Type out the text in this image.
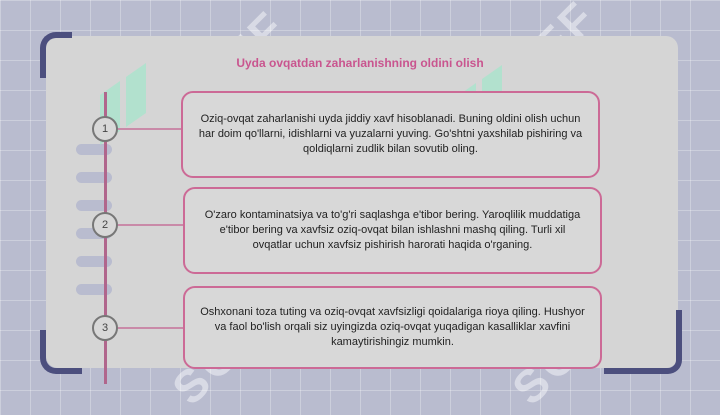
Uyda ovqatdan zaharlanishning oldini olish
1
Oziq-ovqat zaharlanishi uyda jiddiy xavf hisoblanadi. Buning oldini olish uchun har doim qo'llarni, idishlarni va yuzalarni yuving. Go'shtni yaxshilab pishiring va qoldiqlarni zudlik bilan sovutib oling.
2
O'zaro kontaminatsiya va to'g'ri saqlashga e'tibor bering. Yaroqlilik muddatiga e'tibor bering va xavfsiz oziq-ovqat bilan ishlashni mashq qiling. Turli xil ovqatlar uchun xavfsiz pishirish harorati haqida o'rganing.
3
Oshxonani toza tuting va oziq-ovqat xavfsizligi qoidalariga rioya qiling. Hushyor va faol bo'lish orqali siz uyingizda oziq-ovqat yuqadigan kasalliklar xavfini kamaytirishingiz mumkin.
